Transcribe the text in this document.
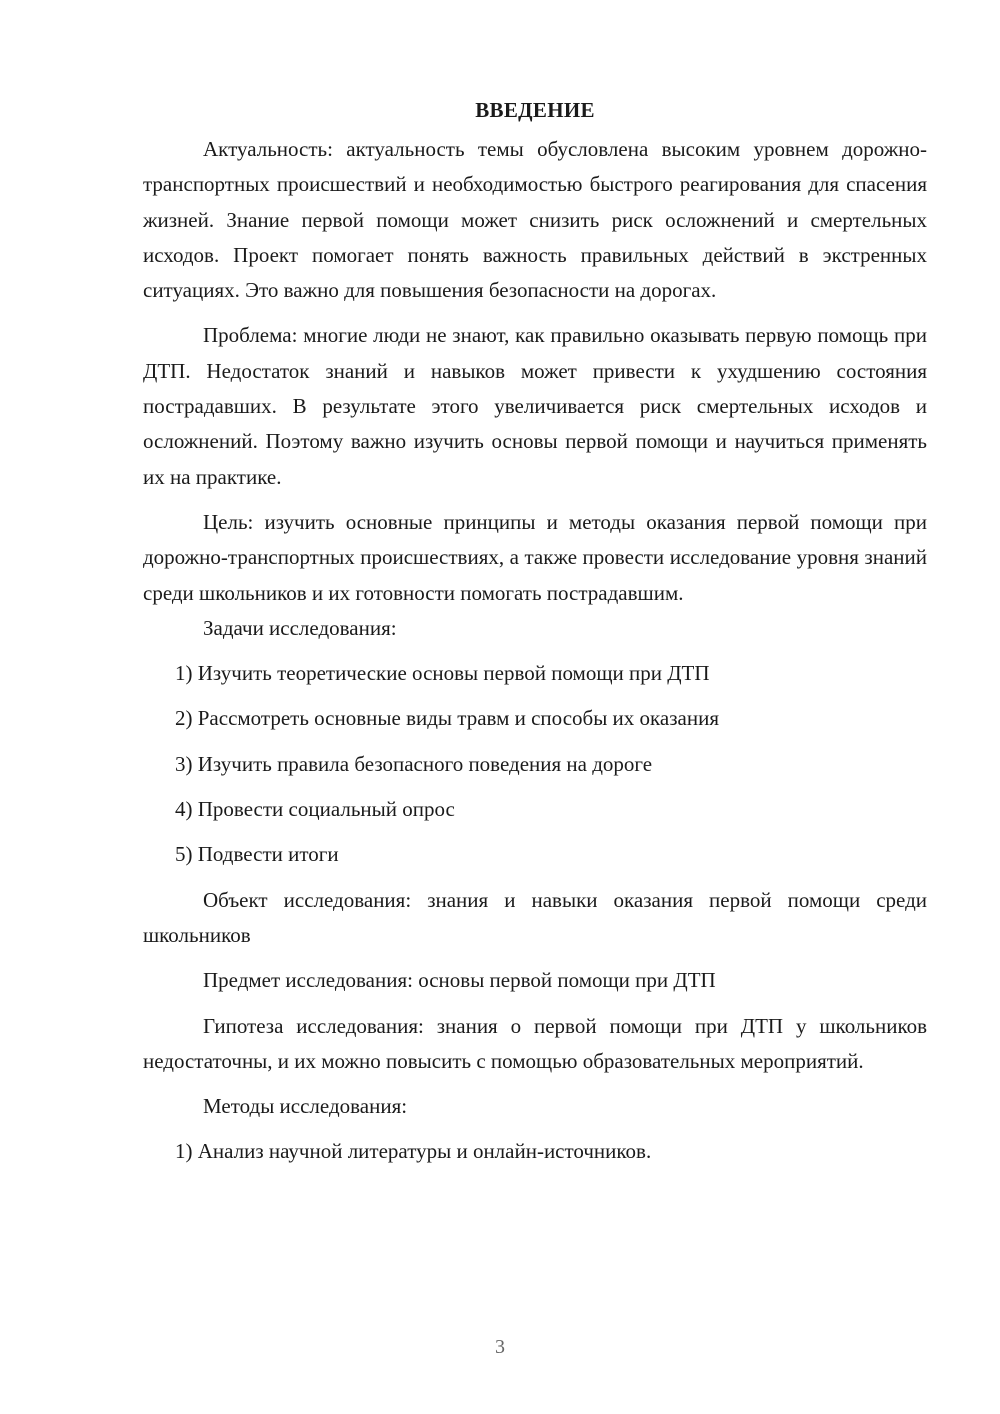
ВВЕДЕНИЕ

Актуальность: актуальность темы обусловлена высоким уровнем дорожно-транспортных происшествий и необходимостью быстрого реагирования для спасения жизней. Знание первой помощи может снизить риск осложнений и смертельных исходов. Проект помогает понять важность правильных действий в экстренных ситуациях. Это важно для повышения безопасности на дорогах.

Проблема: многие люди не знают, как правильно оказывать первую помощь при ДТП. Недостаток знаний и навыков может привести к ухудшению состояния пострадавших. В результате этого увеличивается риск смертельных исходов и осложнений. Поэтому важно изучить основы первой помощи и научиться применять их на практике.

Цель: изучить основные принципы и методы оказания первой помощи при дорожно-транспортных происшествиях, а также провести исследование уровня знаний среди школьников и их готовности помогать пострадавшим.

Задачи исследования:

1) Изучить теоретические основы первой помощи при ДТП

2) Рассмотреть основные виды травм и способы их оказания

3) Изучить правила безопасного поведения на дороге

4) Провести социальный опрос

5) Подвести итоги

Объект исследования: знания и навыки оказания первой помощи среди школьников

Предмет исследования: основы первой помощи при ДТП

Гипотеза исследования: знания о первой помощи при ДТП у школьников недостаточны, и их можно повысить с помощью образовательных мероприятий.

Методы исследования:

1) Анализ научной литературы и онлайн-источников.

3
